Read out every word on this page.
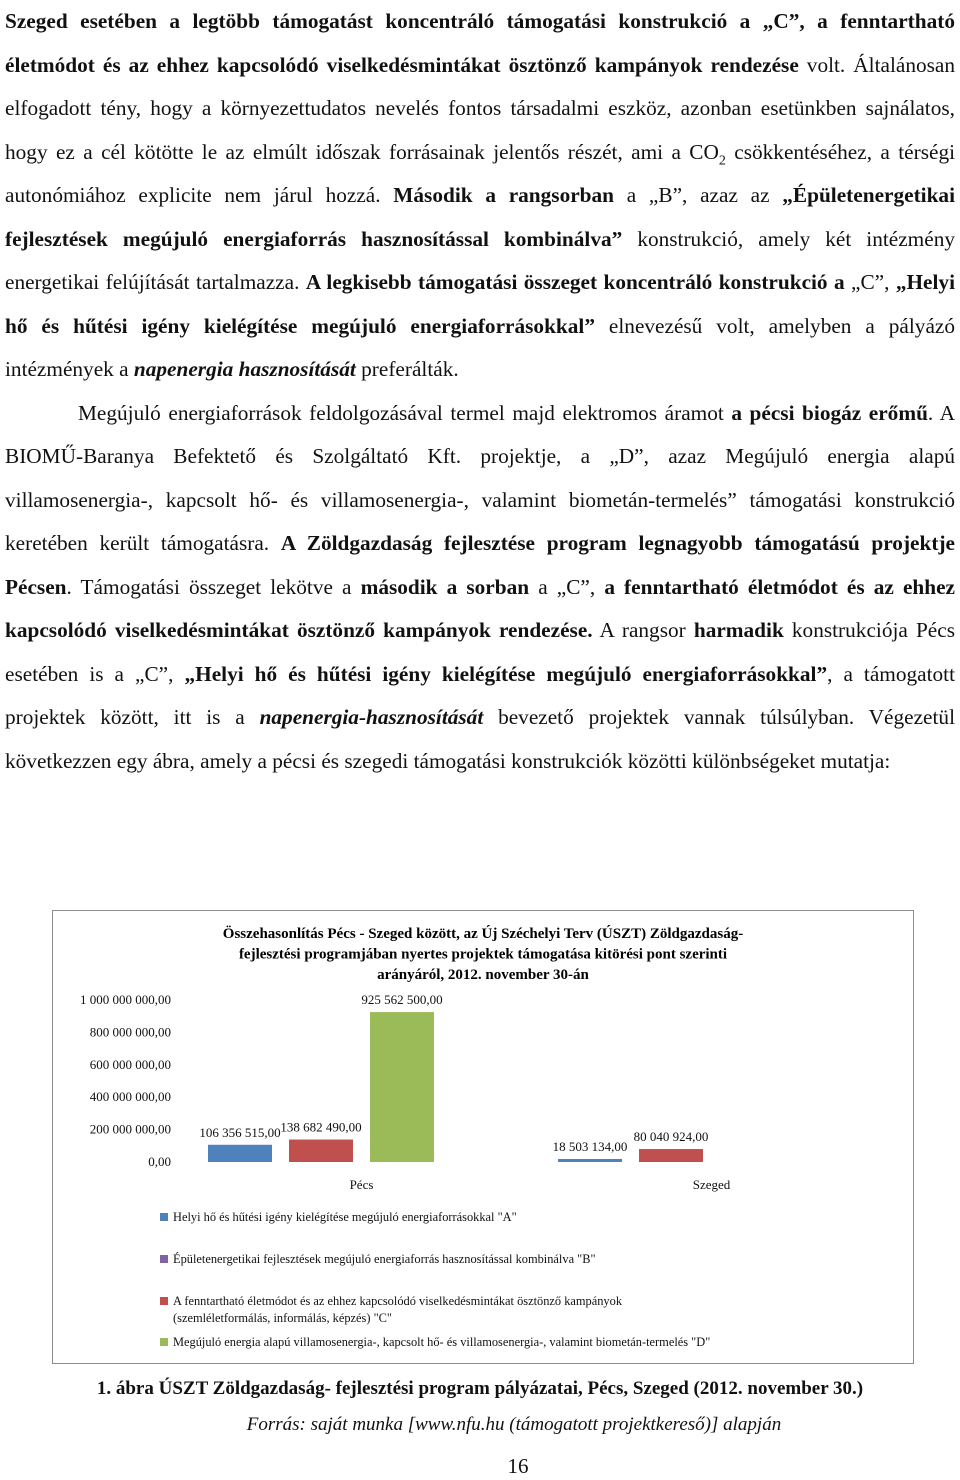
Szeged esetében a legtöbb támogatást koncentráló támogatási konstrukció a „C”, a fenntartható életmódot és az ehhez kapcsolódó viselkedésmintákat ösztönző kampányok rendezése volt. Általánosan elfogadott tény, hogy a környezettudatos nevelés fontos társadalmi eszköz, azonban esetünkben sajnálatos, hogy ez a cél kötötte le az elmúlt időszak forrásainak jelentős részét, ami a $CO_2$ csökkentéséhez, a térségi autonómiához explicite nem járul hozzá. Második a rangsorban a „B”, azaz az „Épületenergetikai fejlesztések megújuló energiaforrás hasznosítással kombinálva” konstrukció, amely két intézmény energetikai felújítását tartalmazza. A legkisebb támogatási összeget koncentráló konstrukció a „C”, „Helyi hő és hűtési igény kielégítése megújuló energiaforrásokkal” elnevezésű volt, amelyben a pályázó intézmények a napenergia hasznosítását preferálták.

Megújuló energiaforrások feldolgozásával termel majd elektromos áramot a pécsi biogáz erőmű. A BIOMŰ-Baranya Befektető és Szolgáltató Kft. projektje, a „D”, azaz Megújuló energia alapú villamosenergia-, kapcsolt hő- és villamosenergia-, valamint biometán-termelés” támogatási konstrukció keretében került támogatásra. A Zöldgazdaság fejlesztése program legnagyobb támogatású projektje Pécsen. Támogatási összeget lekötve a második a sorban a „C”, a fenntartható életmódot és az ehhez kapcsolódó viselkedésmintákat ösztönző kampányok rendezése. A rangsor harmadik konstrukciója Pécs esetében is a „C”, „Helyi hő és hűtési igény kielégítése megújuló energiaforrásokkal”, a támogatott projektek között, itt is a napenergia-hasznosítását bevezető projektek vannak túlsúlyban. Végezetül következzen egy ábra, amely a pécsi és szegedi támogatási konstrukciók közötti különbségeket mutatja:

Összehasonlítás Pécs - Szeged között, az Új Széchelyi Terv (ÚSZT) Zöldgazdaság-
fejlesztési programjában nyertes projektek támogatása kitörési pont szerinti
arányáról, 2012. november 30-án
0,00
200 000 000,00
400 000 000,00
600 000 000,00
800 000 000,00
1 000 000 000,00
106 356 515,00 138 682 490,00
925 562 500,00
Pécs
18 503 134,00
80 040 924,00
Szeged
Helyi hő és hűtési igény kielégítése megújuló energiaforrásokkal "A"
Épületenergetikai fejlesztések megújuló energiaforrás hasznosítással kombinálva "B"
A fenntartható életmódot és az ehhez kapcsolódó viselkedésmintákat ösztönző kampányok (szemléletformálás, informálás, képzés) "C"
Megújuló energia alapú villamosenergia-, kapcsolt hő- és villamosenergia-, valamint biometán-termelés "D"
1. ábra ÚSZT Zöldgazdaság- fejlesztési program pályázatai, Pécs, Szeged (2012. november 30.)
Forrás: saját munka [www.nfu.hu (támogatott projektkereső)] alapján
16
